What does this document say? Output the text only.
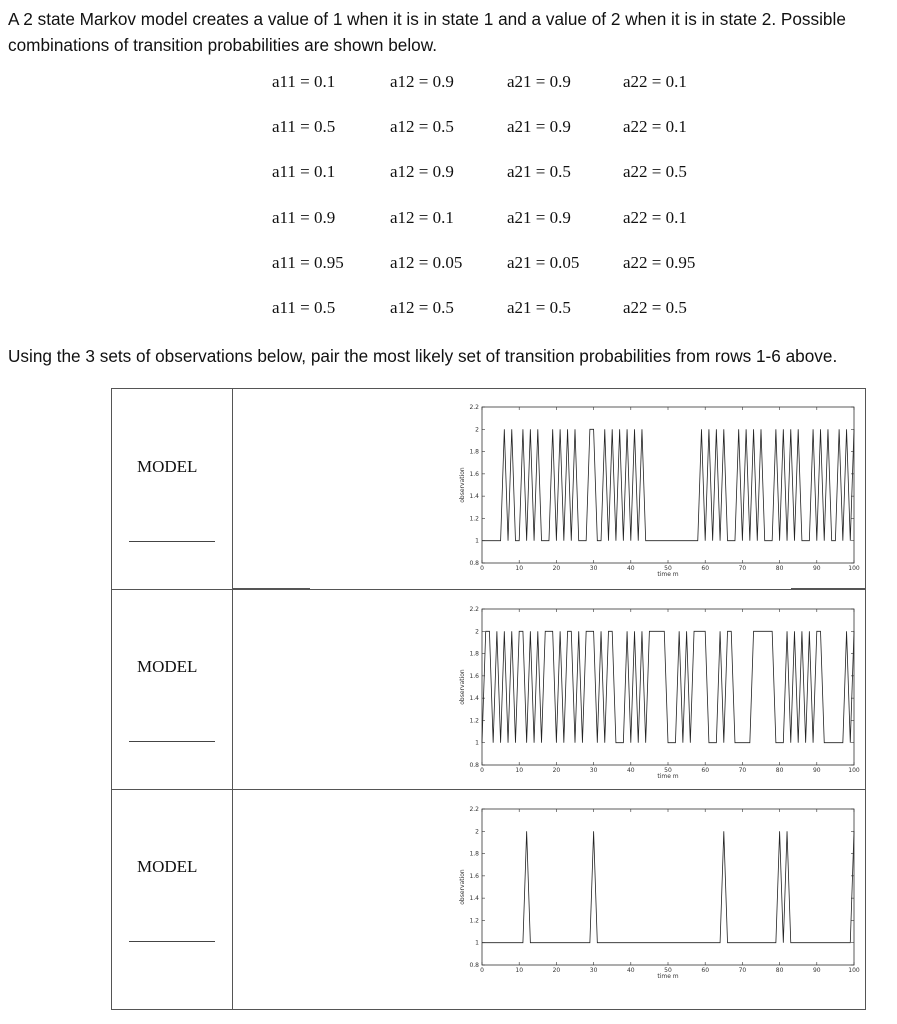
A 2 state Markov model creates a value of 1 when it is in state 1 and a value of 2 when it is in state 2. Possible combinations of transition probabilities are shown below.

a11 = 0.1	a12 = 0.9	a21 = 0.9	a22 = 0.1
a11 = 0.5	a12 = 0.5	a21 = 0.9	a22 = 0.1
a11 = 0.1	a12 = 0.9	a21 = 0.5	a22 = 0.5
a11 = 0.9	a12 = 0.1	a21 = 0.9	a22 = 0.1
a11 = 0.95	a12 = 0.05	a21 = 0.05	a22 = 0.95
a11 = 0.5	a12 = 0.5	a21 = 0.5	a22 = 0.5

Using the 3 sets of observations below, pair the most likely set of transition probabilities from rows 1-6 above.

MODEL
0	10	20	30	40	50	60	70	80	90	100
0.8
1
1.2
1.4
1.6
1.8
2
2.2
time m
observation
MODEL
0	10	20	30	40	50	60	70	80	90	100
0.8
1
1.2
1.4
1.6
1.8
2
2.2
time m
observation
MODEL
0	10	20	30	40	50	60	70	80	90	100
0.8
1
1.2
1.4
1.6
1.8
2
2.2
time m
observation
